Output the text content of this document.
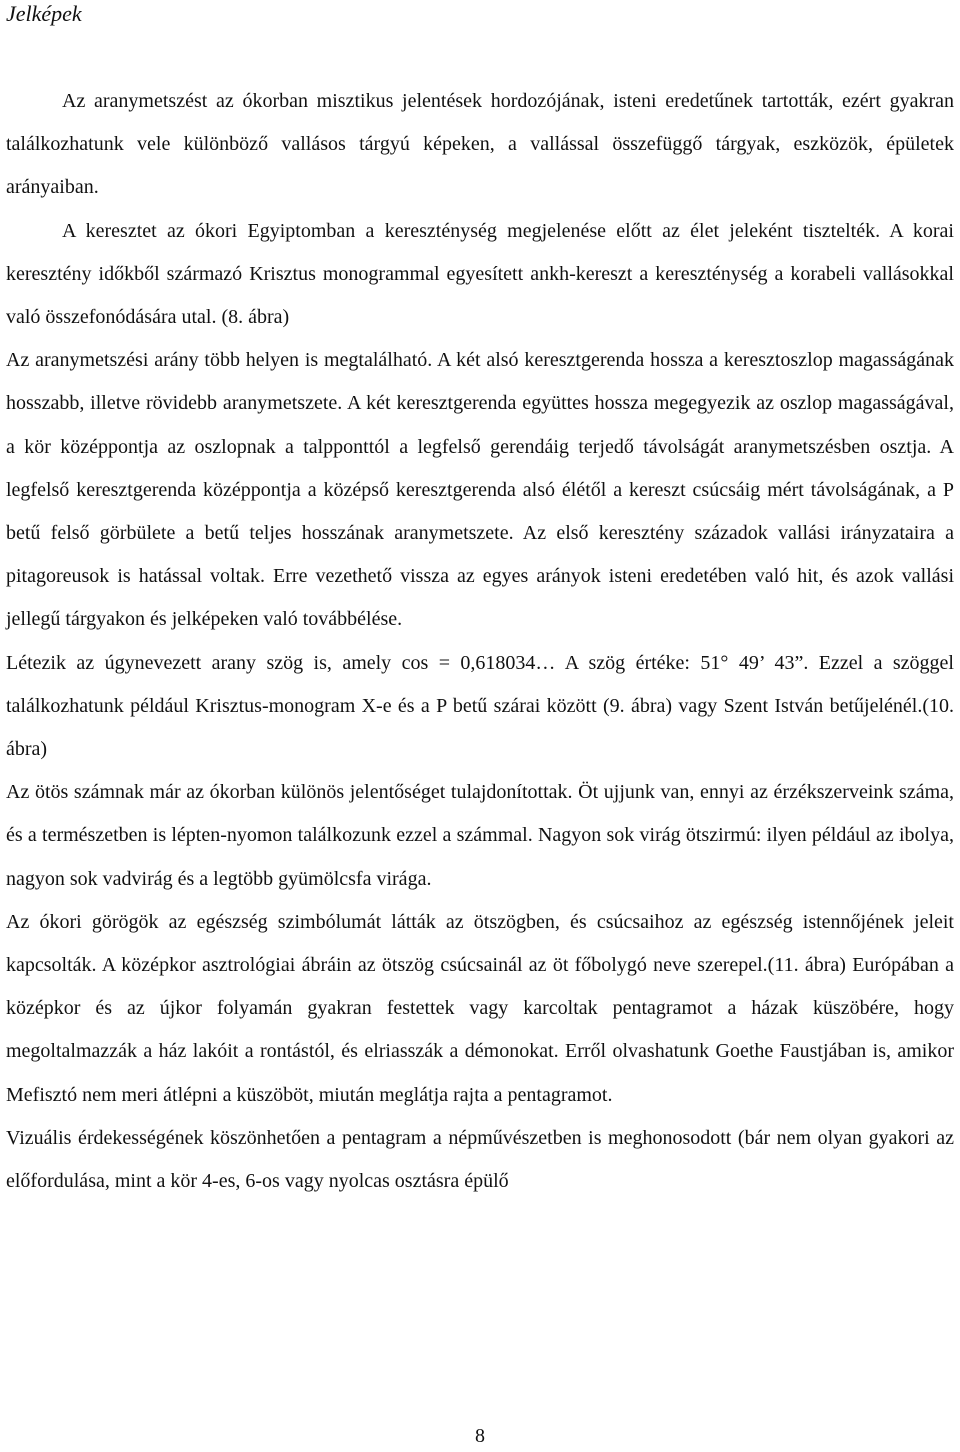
Jelképek

Az aranymetszést az ókorban misztikus jelentések hordozójának, isteni eredetűnek tartották, ezért gyakran találkozhatunk vele különböző vallásos tárgyú képeken, a vallással összefüggő tárgyak, eszközök, épületek arányaiban.

A keresztet az ókori Egyiptomban a kereszténység megjelenése előtt az élet jeleként tisztelték. A korai keresztény időkből származó Krisztus monogrammal egyesített ankh-kereszt a kereszténység a korabeli vallásokkal való összefonódására utal. (8. ábra)

Az aranymetszési arány több helyen is megtalálható. A két alsó keresztgerenda hossza a keresztoszlop magasságának hosszabb, illetve rövidebb aranymetszete. A két keresztgerenda együttes hossza megegyezik az oszlop magasságával, a kör középpontja az oszlopnak a talpponttól a legfelső gerendáig terjedő távolságát aranymetszésben osztja. A legfelső keresztgerenda középpontja a középső keresztgerenda alsó élétől a kereszt csúcsáig mért távolságának, a P betű felső görbülete a betű teljes hosszának aranymetszete. Az első keresztény századok vallási irányzataira a pitagoreusok is hatással voltak. Erre vezethető vissza az egyes arányok isteni eredetében való hit, és azok vallási jellegű tárgyakon és jelképeken való továbbélése.

Létezik az úgynevezett arany szög is, amely cos = 0,618034… A szög értéke: 51° 49’ 43”. Ezzel a szöggel találkozhatunk például Krisztus-monogram X-e és a P betű szárai között (9. ábra) vagy Szent István betűjelénél.(10. ábra)

Az ötös számnak már az ókorban különös jelentőséget tulajdonítottak. Öt ujjunk van, ennyi az érzékszerveink száma, és a természetben is lépten-nyomon találkozunk ezzel a számmal. Nagyon sok virág ötszirmú: ilyen például az ibolya, nagyon sok vadvirág és a legtöbb gyümölcsfa virága.

Az ókori görögök az egészség szimbólumát látták az ötszögben, és csúcsaihoz az egészség istennőjének jeleit kapcsolták. A középkor asztrológiai ábráin az ötszög csúcsainál az öt főbolygó neve szerepel.(11. ábra) Európában a középkor és az újkor folyamán gyakran festettek vagy karcoltak pentagramot a házak küszöbére, hogy megoltalmazzák a ház lakóit a rontástól, és elriasszák a démonokat. Erről olvashatunk Goethe Faustjában is, amikor Mefisztó nem meri átlépni a küszöböt, miután meglátja rajta a pentagramot.

Vizuális érdekességének köszönhetően a pentagram a népművészetben is meghonosodott (bár nem olyan gyakori az előfordulása, mint a kör 4-es, 6-os vagy nyolcas osztásra épülő

8
